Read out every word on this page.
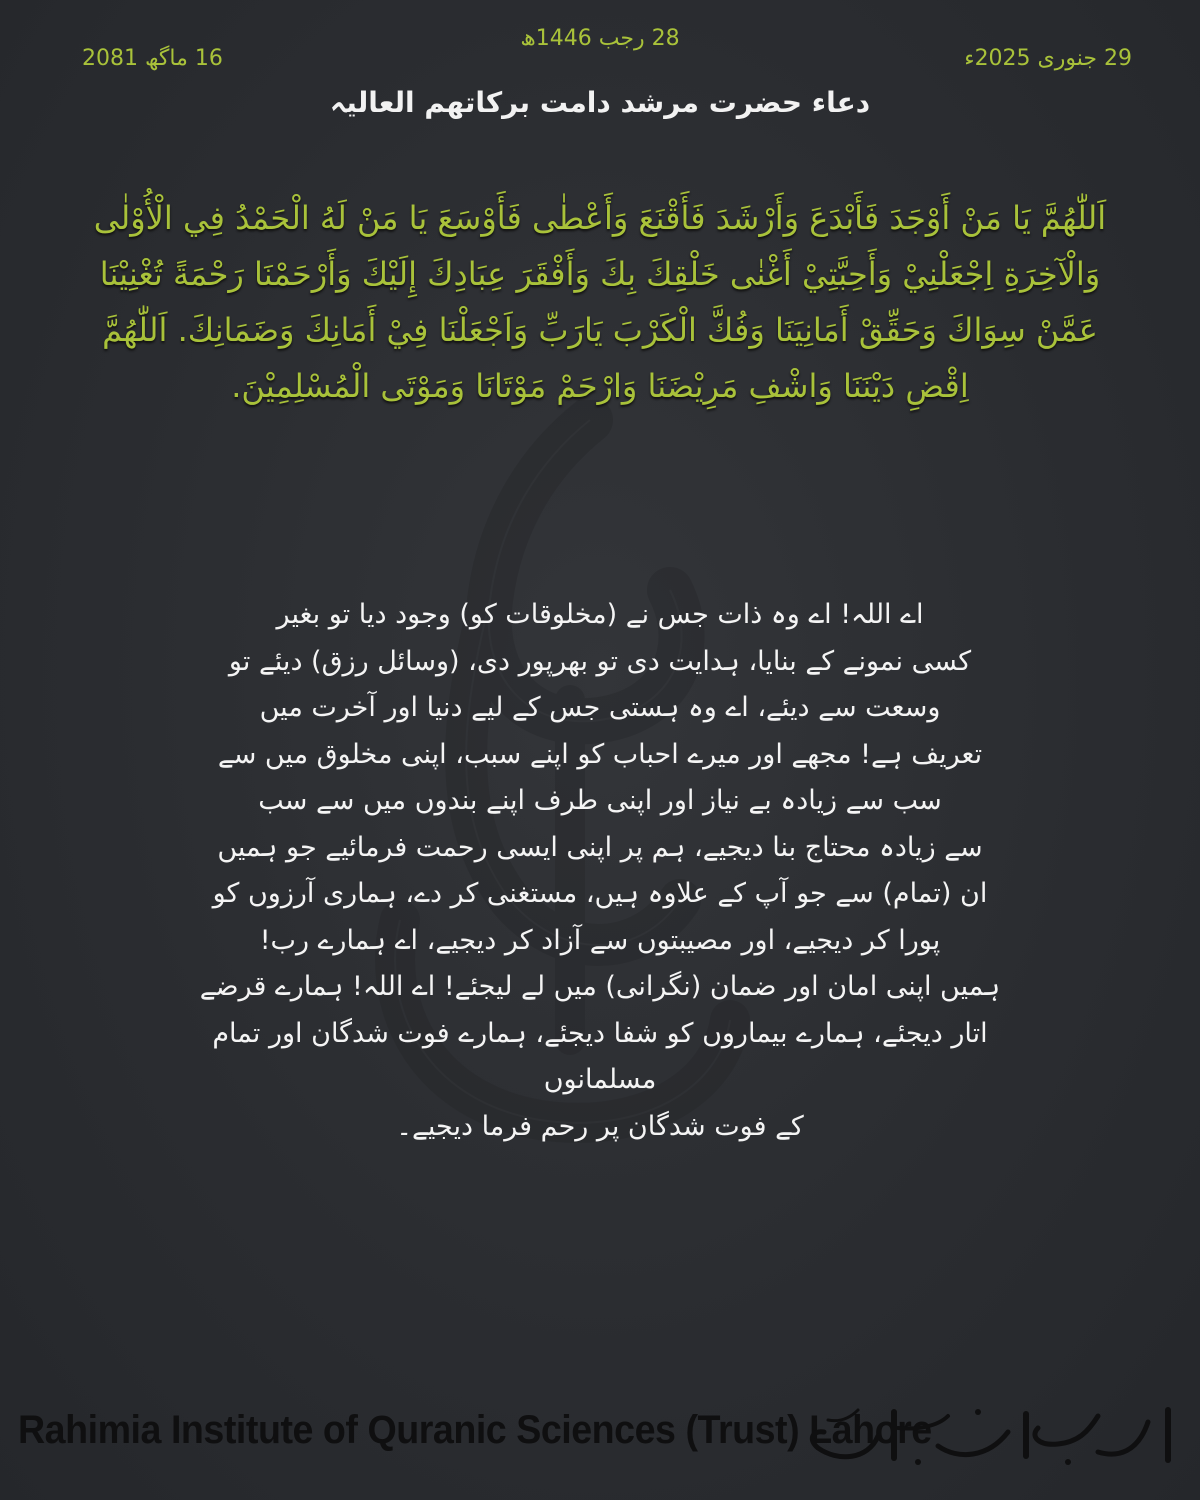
28 رجب 1446ھ
29 جنوری 2025ء
16 ماگھ 2081
دعاء حضرت مرشد دامت برکاتھم العالیہ
اَللّٰهُمَّ يَا مَنْ أَوْجَدَ فَأَبْدَعَ وَأَرْشَدَ فَأَقْنَعَ وَأَعْطٰى فَأَوْسَعَ يَا مَنْ لَهُ الْحَمْدُ فِي الْأُوْلٰى وَالْآخِرَةِ اِجْعَلْنِيْ وَأَحِبَّتِيْ أَغْنٰى خَلْقِكَ بِكَ وَأَفْقَرَ عِبَادِكَ إِلَيْكَ وَأَرْحَمْنَا رَحْمَةً تُغْنِيْنَا عَمَّنْ سِوَاكَ وَحَقِّقْ أَمَانِيَنَا وَفُكَّ الْكَرْبَ يَارَبِّ وَاَجْعَلْنَا فِيْ أَمَانِكَ وَضَمَانِكَ. اَللّٰهُمَّ اِقْضِ دَيْنَنَا وَاشْفِ مَرِيْضَنَا وَارْحَمْ مَوْتَانَا وَمَوْتَى الْمُسْلِمِيْنَ.
اے اللہ! اے وہ ذات جس نے (مخلوقات کو) وجود دیا تو بغیر
کسی نمونے کے بنایا، ہدایت دی تو بھرپور دی، (وسائل رزق) دیئے تو
وسعت سے دیئے، اے وہ ہستی جس کے لیے دنیا اور آخرت میں
تعریف ہے! مجھے اور میرے احباب کو اپنے سبب، اپنی مخلوق میں سے
سب سے زیادہ بے نیاز اور اپنی طرف اپنے بندوں میں سے سب
سے زیادہ محتاج بنا دیجیے، ہم پر اپنی ایسی رحمت فرمائیے جو ہمیں
ان (تمام) سے جو آپ کے علاوہ ہیں، مستغنی کر دے، ہماری آرزوں کو
پورا کر دیجیے، اور مصیبتوں سے آزاد کر دیجیے، اے ہمارے رب!
ہمیں اپنی امان اور ضمان (نگرانی) میں لے لیجئے! اے اللہ! ہمارے قرضے
اتار دیجئے، ہمارے بیماروں کو شفا دیجئے، ہمارے فوت شدگان اور تمام مسلمانوں
کے فوت شدگان پر رحم فرما دیجیے۔
Rahimia Institute of Quranic Sciences (Trust) Lahore
